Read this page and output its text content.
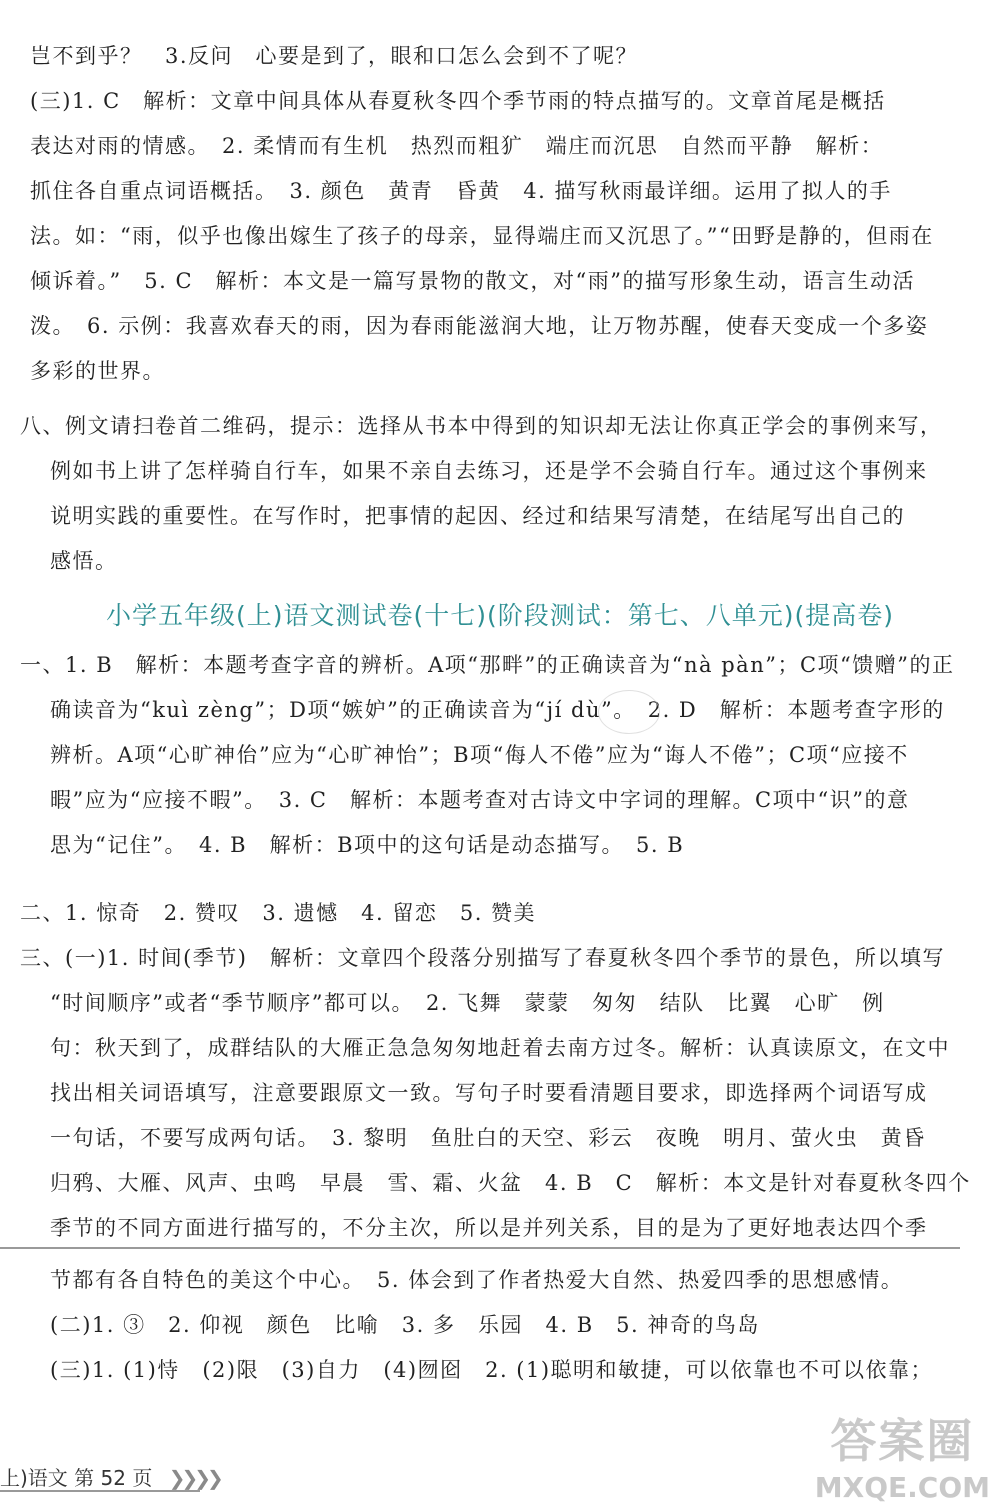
岂不到乎？　3.反问　心要是到了，眼和口怎么会到不了呢？
(三)1. C　解析：文章中间具体从春夏秋冬四个季节雨的特点描写的。文章首尾是概括
表达对雨的情感。　2. 柔情而有生机　热烈而粗犷　端庄而沉思　自然而平静　解析：
抓住各自重点词语概括。　3. 颜色　黄青　昏黄　4. 描写秋雨最详细。运用了拟人的手
法。如：“雨，似乎也像出嫁生了孩子的母亲，显得端庄而又沉思了。”“田野是静的，但雨在
倾诉着。”　5. C　解析：本文是一篇写景物的散文，对“雨”的描写形象生动，语言生动活
泼。　6. 示例：我喜欢春天的雨，因为春雨能滋润大地，让万物苏醒，使春天变成一个多姿
多彩的世界。
八、例文请扫卷首二维码，提示：选择从书本中得到的知识却无法让你真正学会的事例来写，
例如书上讲了怎样骑自行车，如果不亲自去练习，还是学不会骑自行车。通过这个事例来
说明实践的重要性。在写作时，把事情的起因、经过和结果写清楚，在结尾写出自己的
感悟。
小学五年级(上)语文测试卷(十七)(阶段测试：第七、八单元)(提高卷)
一、1. B　解析：本题考查字音的辨析。A项“那畔”的正确读音为“nà pàn”；C项“馈赠”的正
确读音为“kuì zèng”；D项“嫉妒”的正确读音为“jí dù”。　2. D　解析：本题考查字形的
辨析。A项“心旷神佁”应为“心旷神怡”；B项“侮人不倦”应为“诲人不倦”；C项“应接不
暇”应为“应接不暇”。　3. C　解析：本题考查对古诗文中字词的理解。C项中“识”的意
思为“记住”。　4. B　解析：B项中的这句话是动态描写。　5. B
二、1. 惊奇　2. 赞叹　3. 遗憾　4. 留恋　5. 赞美
三、(一)1. 时间(季节)　解析：文章四个段落分别描写了春夏秋冬四个季节的景色，所以填写
“时间顺序”或者“季节顺序”都可以。　2. 飞舞　蒙蒙　匆匆　结队　比翼　心旷　例
句：秋天到了，成群结队的大雁正急急匆匆地赶着去南方过冬。解析：认真读原文，在文中
找出相关词语填写，注意要跟原文一致。写句子时要看清题目要求，即选择两个词语写成
一句话，不要写成两句话。　3. 黎明　鱼肚白的天空、彩云　夜晚　明月、萤火虫　黄昏
归鸦、大雁、风声、虫鸣　早晨　雪、霜、火盆　4. B　C　解析：本文是针对春夏秋冬四个
季节的不同方面进行描写的，不分主次，所以是并列关系，目的是为了更好地表达四个季
节都有各自特色的美这个中心。　5. 体会到了作者热爱大自然、热爱四季的思想感情。
(二)1. ③　2. 仰视　颜色　比喻　3. 多　乐园　4. B　5. 神奇的鸟岛
(三)1. (1)恃　(2)限　(3)自力　(4)囫囵　2. (1)聪明和敏捷，可以依靠也不可以依靠；
上)语文 第 52 页 ❯❯❯❯
答案圈
MXQE.COM
